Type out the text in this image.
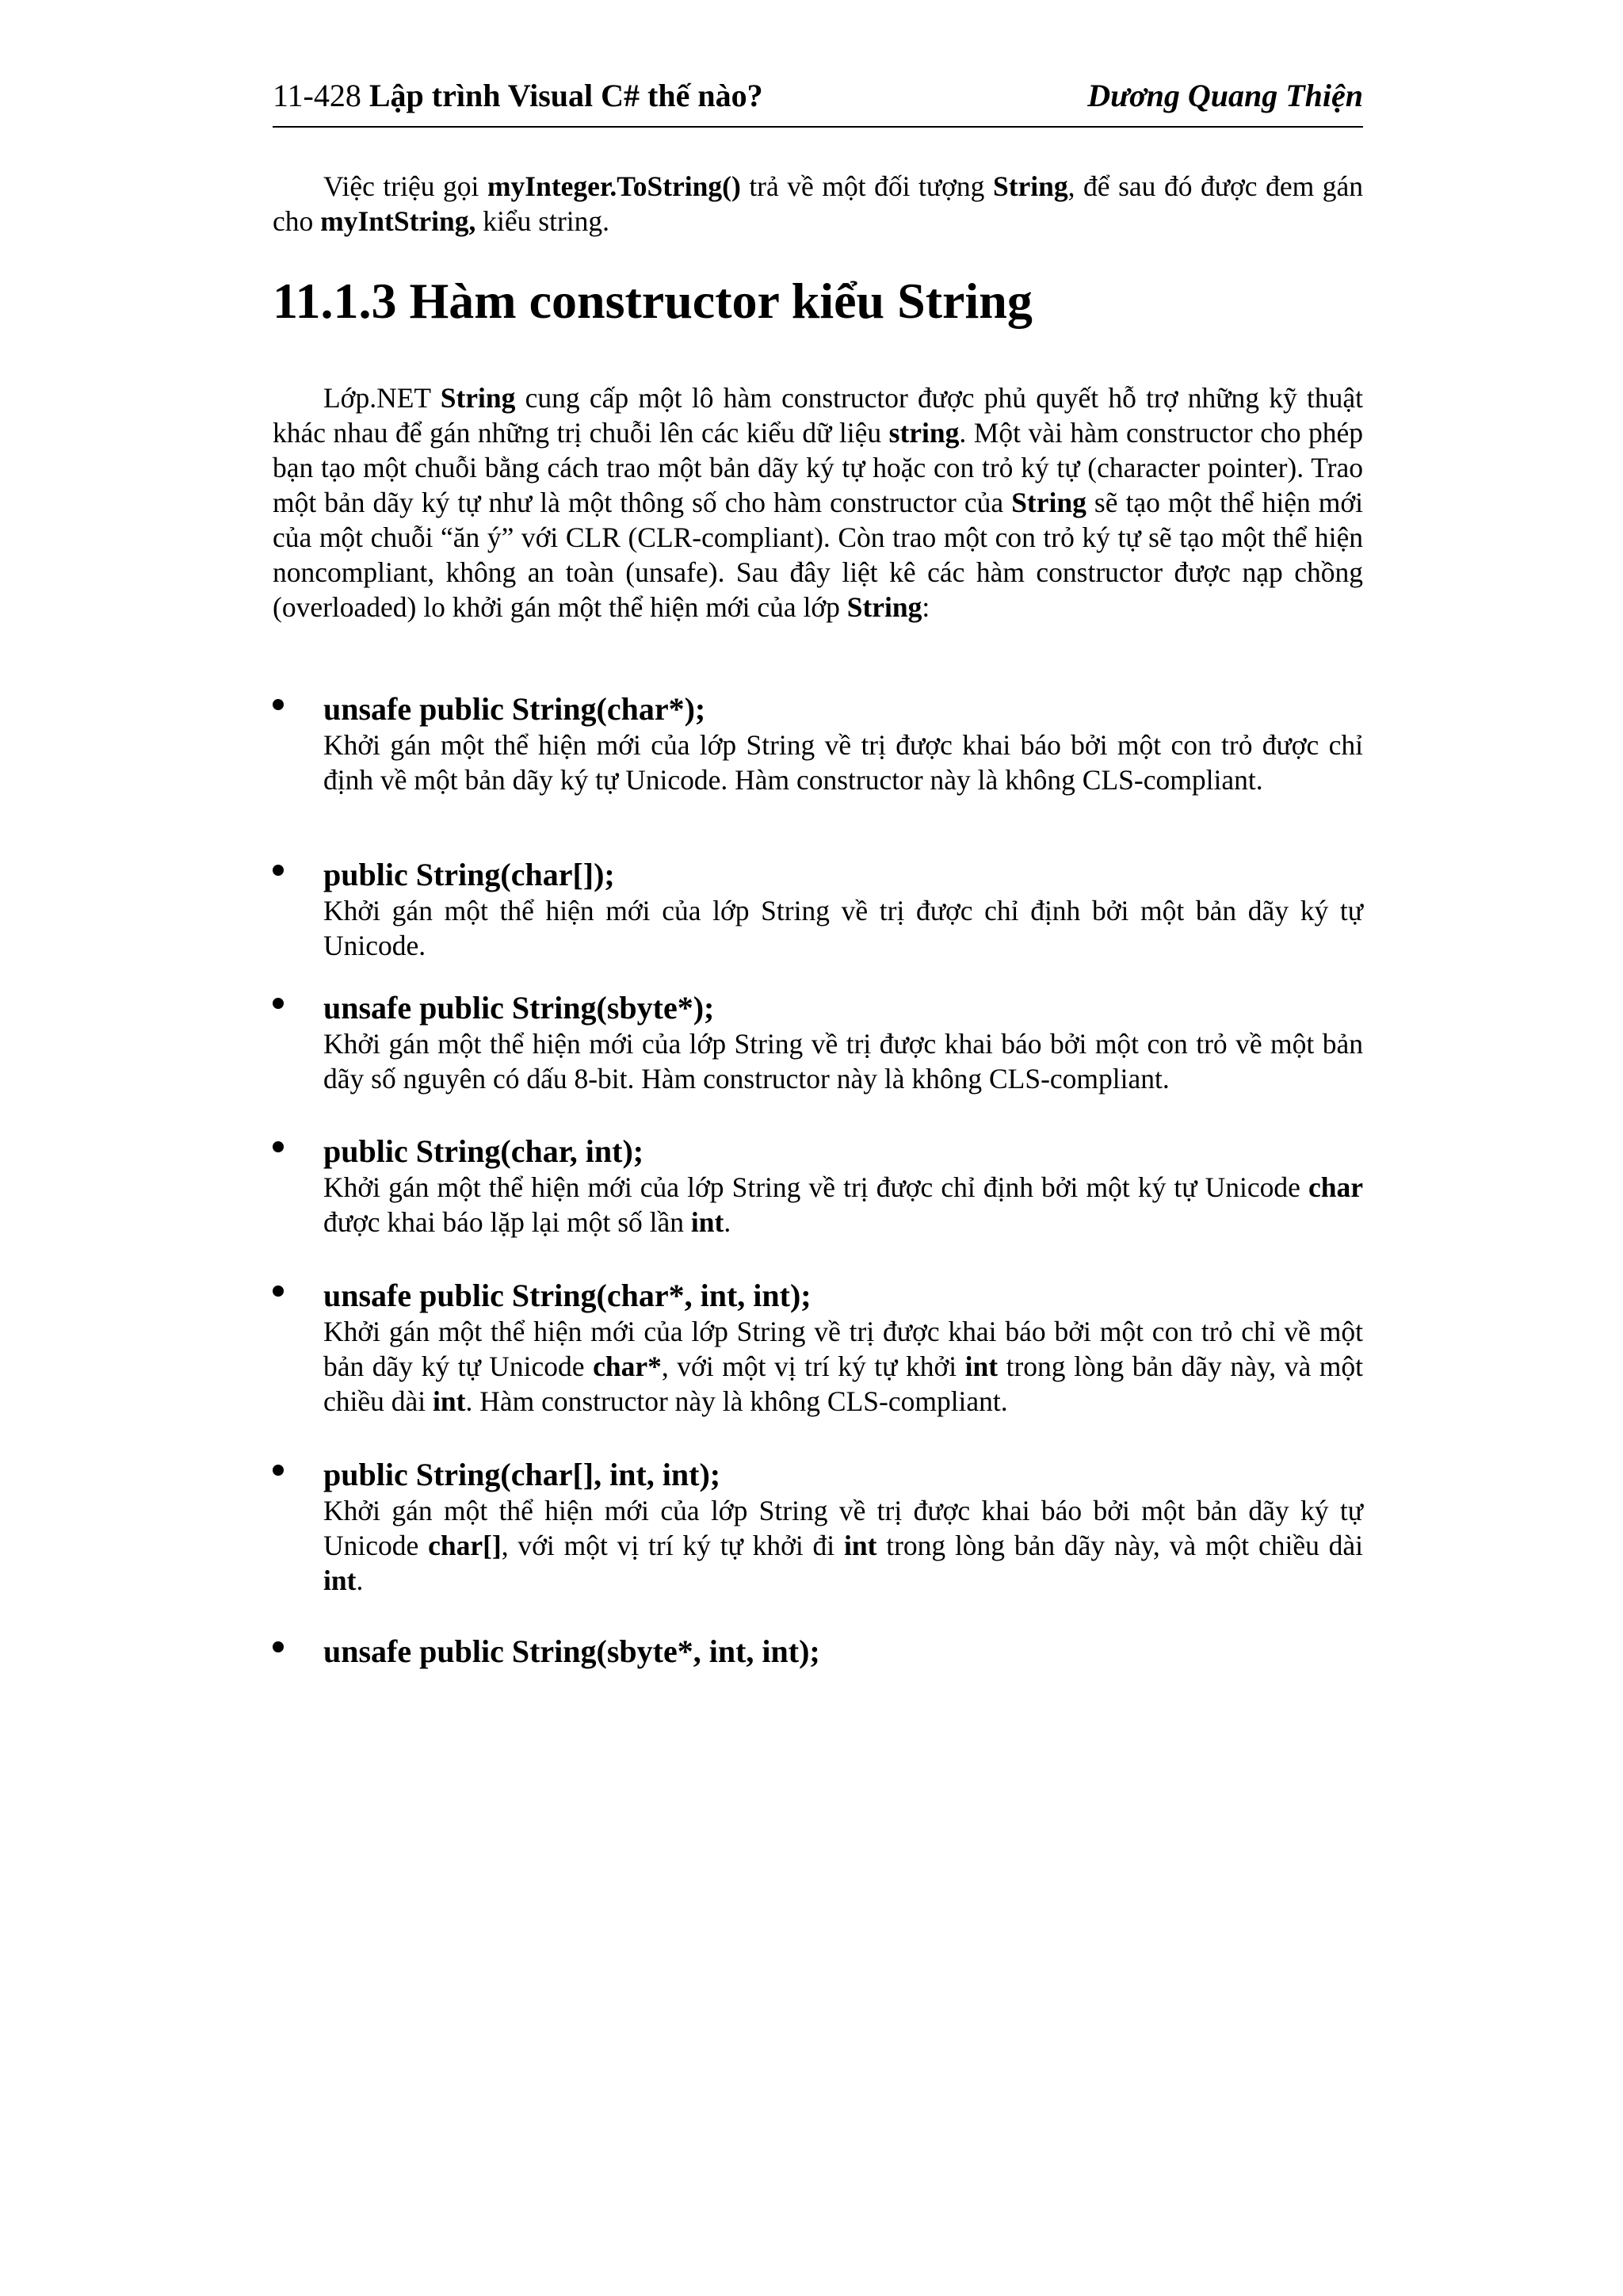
11-428 Lập trình Visual C# thế nào?	Dương Quang Thiện
Việc triệu gọi myInteger.ToString() trả về một đối tượng String, để sau đó được đem gán cho myIntString, kiểu string.
11.1.3 Hàm constructor kiểu String
Lớp.NET String cung cấp một lô hàm constructor được phủ quyết hỗ trợ những kỹ thuật khác nhau để gán những trị chuỗi lên các kiểu dữ liệu string. Một vài hàm constructor cho phép bạn tạo một chuỗi bằng cách trao một bản dãy ký tự hoặc con trỏ ký tự (character pointer). Trao một bản dãy ký tự như là một thông số cho hàm constructor của String sẽ tạo một thể hiện mới của một chuỗi “ăn ý” với CLR (CLR-compliant). Còn trao một con trỏ ký tự sẽ tạo một thể hiện noncompliant, không an toàn (unsafe). Sau đây liệt kê các hàm constructor được nạp chồng (overloaded) lo khởi gán một thể hiện mới của lớp String:
unsafe public String(char*);
Khởi gán một thể hiện mới của lớp String về trị được khai báo bởi một con trỏ được chỉ định về một bản dãy ký tự Unicode. Hàm constructor này là không CLS-compliant.
public String(char[]);
Khởi gán một thể hiện mới của lớp String về trị được chỉ định bởi một bản dãy ký tự Unicode.
unsafe public String(sbyte*);
Khởi gán một thể hiện mới của lớp String về trị được khai báo bởi một con trỏ về một bản dãy số nguyên có dấu 8-bit. Hàm constructor này là không CLS-compliant.
public String(char, int);
Khởi gán một thể hiện mới của lớp String về trị được chỉ định bởi một ký tự Unicode char được khai báo lặp lại một số lần int.
unsafe public String(char*, int, int);
Khởi gán một thể hiện mới của lớp String về trị được khai báo bởi một con trỏ chỉ về một bản dãy ký tự Unicode char*, với một vị trí ký tự khởi int trong lòng bản dãy này, và một chiều dài int. Hàm constructor này là không CLS-compliant.
public String(char[], int, int);
Khởi gán một thể hiện mới của lớp String về trị được khai báo bởi một bản dãy ký tự Unicode char[], với một vị trí ký tự khởi đi int trong lòng bản dãy này, và một chiều dài int.
unsafe public String(sbyte*, int, int);
